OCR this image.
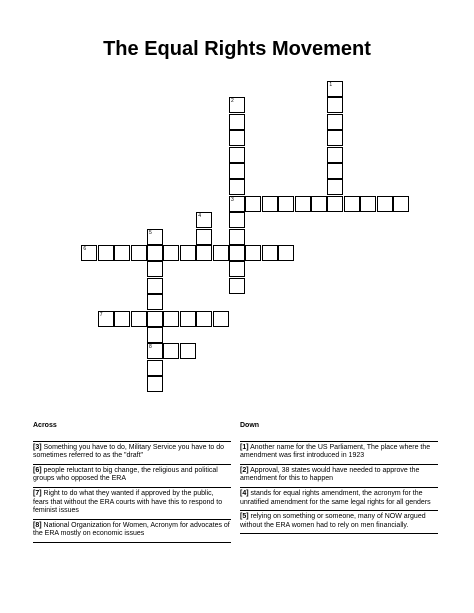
The Equal Rights Movement
1
2
3
4
5
8
6
7
Across
[3] Something you have to do, Military Service you have to do sometimes referred to as the "draft"
[6] people reluctant to big change, the religious and political groups who opposed the ERA
[7] Right to do what they wanted if approved by the public, fears that without the ERA courts with have this to respond to feminist issues
[8] National Organization for Women, Acronym for advocates of the ERA mostly on economic issues
Down
[1] Another name for the US Parliament, The place where the amendment was first introduced in 1923
[2] Approval, 38 states would have needed to approve the amendment for this to happen
[4] stands for equal rights amendment, the acronym for the unratified amendment for the same legal rights for all genders
[5] relying on something or someone, many of NOW argued without the ERA women had to rely on men financially.
